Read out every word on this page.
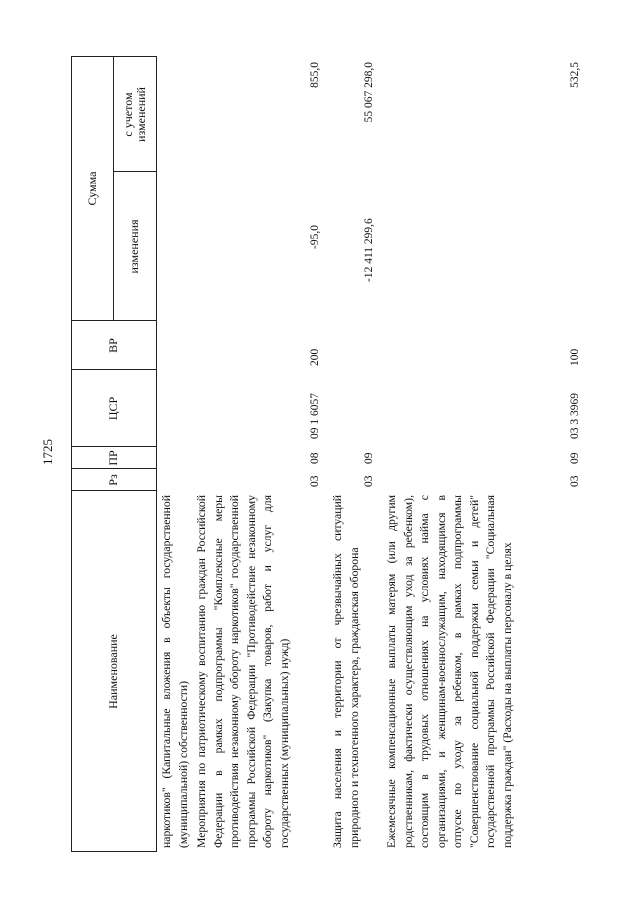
1725
Наименование
Рз
ПР
ЦСР
ВР
Сумма
изменения
с учетом изменений
наркотиков" (Капитальные вложения в объекты государственной (муниципальной) собственности) Мероприятия по патриотическому воспитанию граждан Российской Федерации в рамках подпрограммы "Комплексные меры противодействия незаконному обороту наркотиков" государственной программы Российской Федерации "Противодействие незаконному обороту наркотиков" (Закупка товаров, работ и услуг для государственных (муниципальных) нужд)
03
08
09 1 6057
200
-95,0
855,0
Защита населения и территории от чрезвычайных ситуаций природного и техногенного характера, гражданская оборона
03
09
-12 411 299,6
55 067 298,0
Ежемесячные компенсационные выплаты матерям (или другим родственникам, фактически осуществляющим уход за ребенком), состоящим в трудовых отношениях на условиях найма с организациями, и женщинам-военнослужащим, находящимся в отпуске по уходу за ребенком, в рамках подпрограммы "Совершенствование социальной поддержки семьи и детей" государственной программы Российской Федерации "Социальная поддержка граждан" (Расходы на выплаты персоналу в целях
03
09
03 3 3969
100
532,5
